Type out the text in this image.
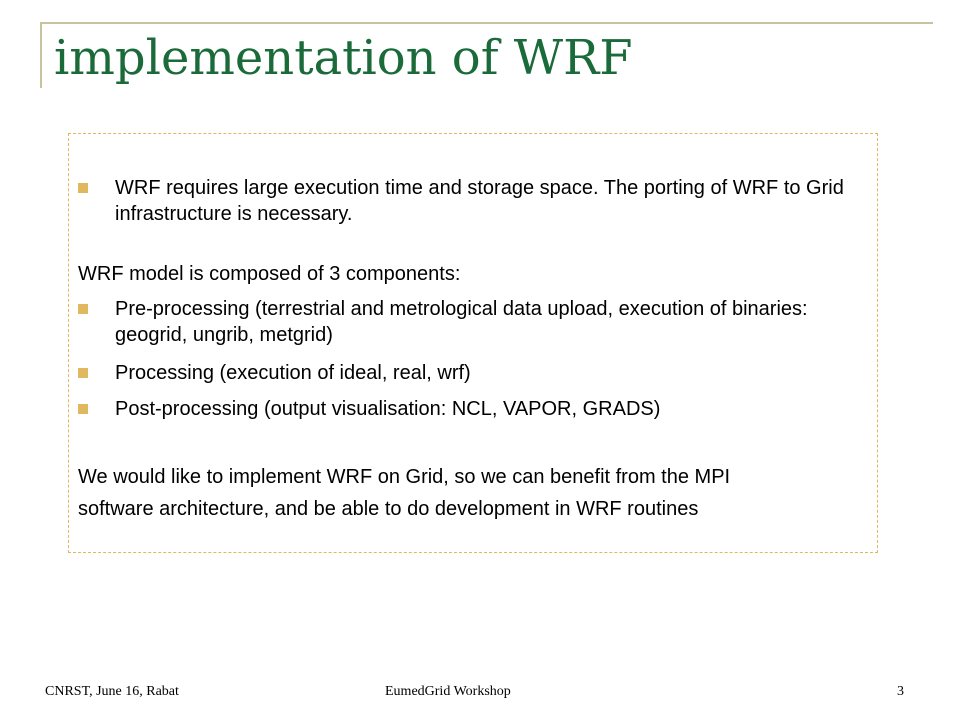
implementation of WRF
WRF requires large execution time and storage space. The porting of WRF to Grid infrastructure is necessary.
WRF model is composed of 3 components:
Pre-processing (terrestrial and metrological data upload, execution of binaries: geogrid, ungrib, metgrid)
Processing (execution of ideal, real, wrf)
Post-processing (output visualisation: NCL, VAPOR, GRADS)
We would like to implement WRF on Grid, so we can benefit from the MPI
software architecture, and be able to do development in WRF routines
CNRST, June 16, Rabat	EumedGrid Workshop	3
